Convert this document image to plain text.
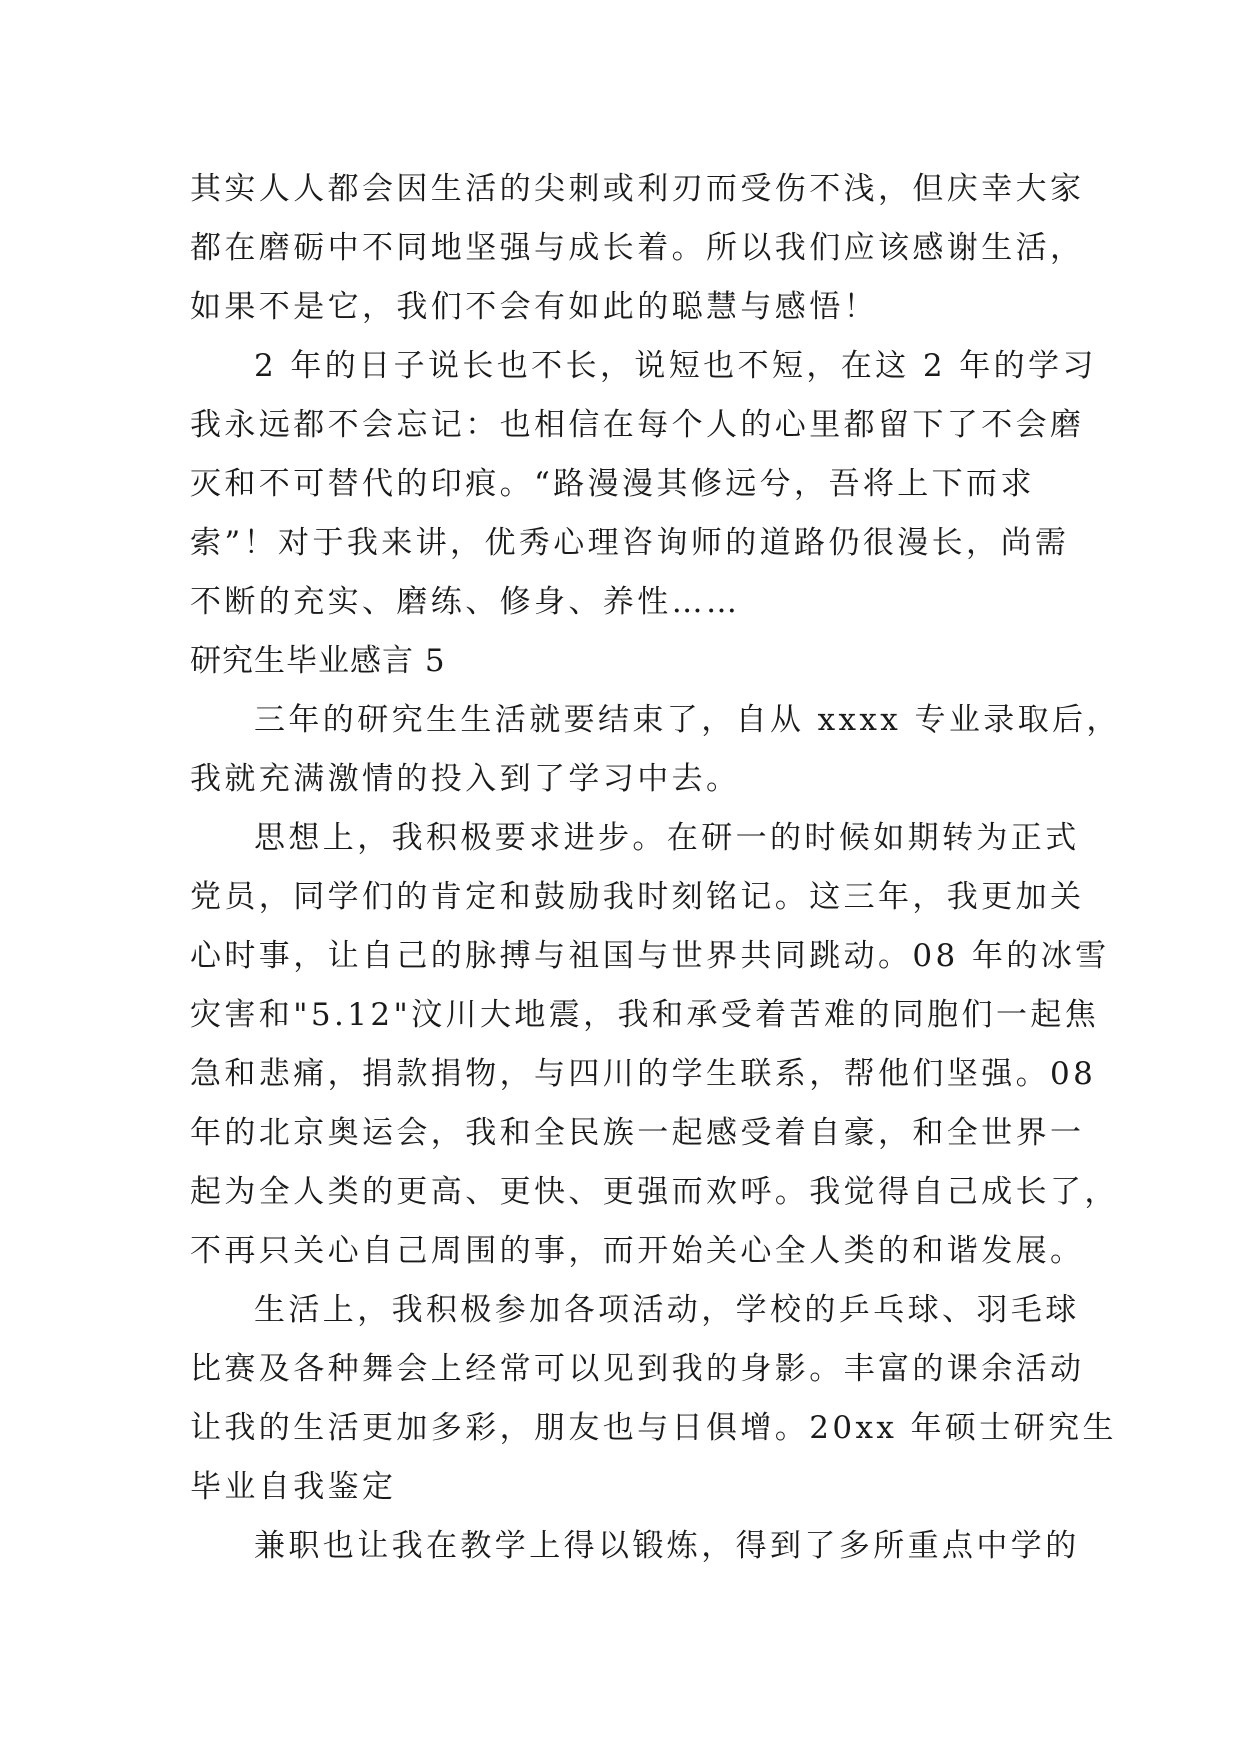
其实人人都会因生活的尖刺或利刃而受伤不浅，但庆幸大家
都在磨砺中不同地坚强与成长着。所以我们应该感谢生活，
如果不是它，我们不会有如此的聪慧与感悟！
2 年的日子说长也不长，说短也不短，在这 2 年的学习
我永远都不会忘记：也相信在每个人的心里都留下了不会磨
灭和不可替代的印痕。“路漫漫其修远兮，吾将上下而求
索”！对于我来讲，优秀心理咨询师的道路仍很漫长，尚需
不断的充实、磨练、修身、养性……
研究生毕业感言 5
三年的研究生生活就要结束了，自从 xxxx 专业录取后，
我就充满激情的投入到了学习中去。
思想上，我积极要求进步。在研一的时候如期转为正式
党员，同学们的肯定和鼓励我时刻铭记。这三年，我更加关
心时事，让自己的脉搏与祖国与世界共同跳动。08 年的冰雪
灾害和"5.12"汶川大地震，我和承受着苦难的同胞们一起焦
急和悲痛，捐款捐物，与四川的学生联系，帮他们坚强。08
年的北京奥运会，我和全民族一起感受着自豪，和全世界一
起为全人类的更高、更快、更强而欢呼。我觉得自己成长了，
不再只关心自己周围的事，而开始关心全人类的和谐发展。
生活上，我积极参加各项活动，学校的乒乓球、羽毛球
比赛及各种舞会上经常可以见到我的身影。丰富的课余活动
让我的生活更加多彩，朋友也与日俱增。20xx 年硕士研究生
毕业自我鉴定
兼职也让我在教学上得以锻炼，得到了多所重点中学的
